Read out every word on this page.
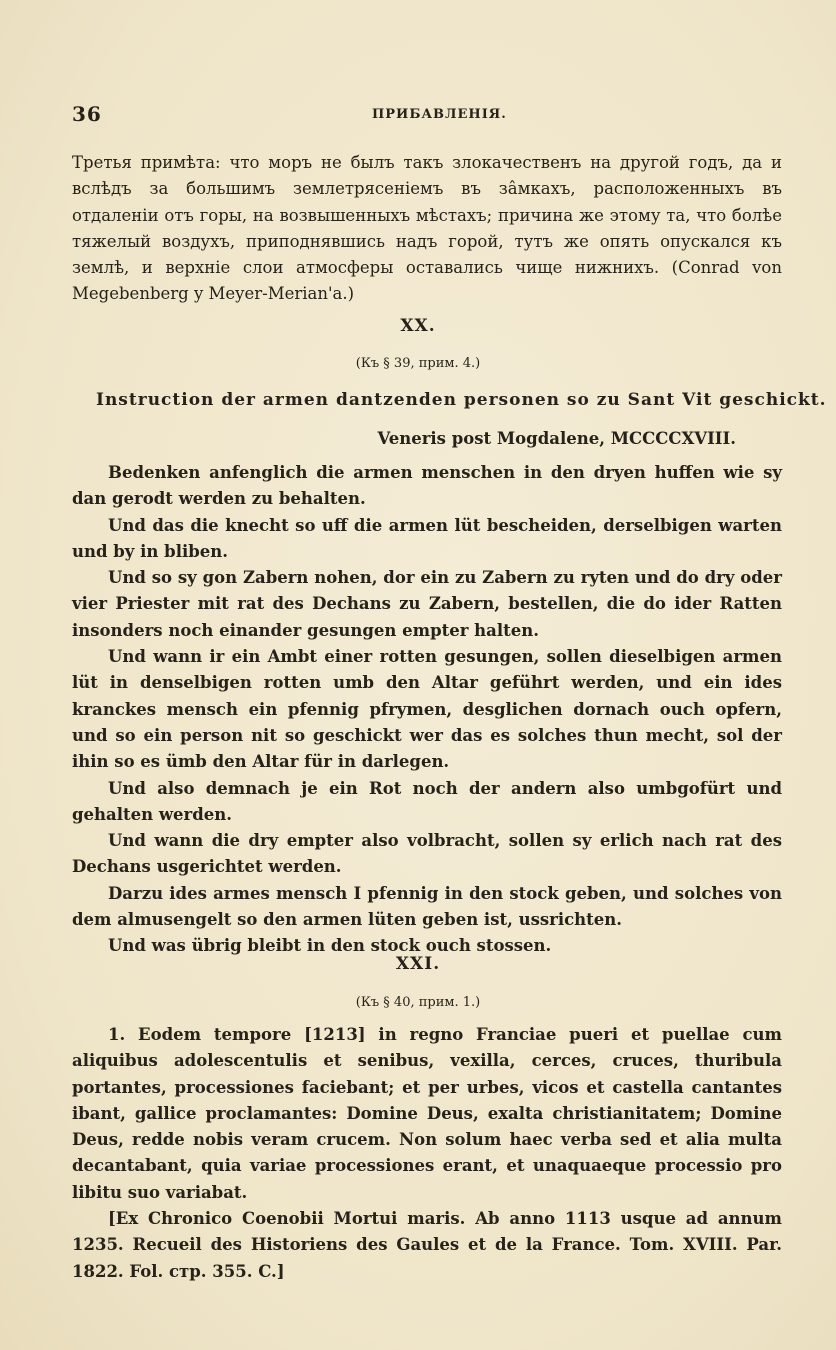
36	ПРИБАВЛЕНIЯ.

Третья примѣта: что моръ не былъ такъ злокачественъ на другой годъ, да и вслѣдъ за большимъ землетрясеніемъ въ зâмкахъ, расположенныхъ въ отдаленіи отъ горы, на возвышенныхъ мѣстахъ; причина же этому та, что болѣе тяжелый воздухъ, приподнявшись надъ горой, тутъ же опять опускался къ землѣ, и верхніе слои атмосферы оставались чище нижнихъ. (Conrad von Megebenberg y Meyer-Merian'a.)

XX.
(Къ § 39, прим. 4.)
Instruction der armen dantzenden personen so zu Sant Vit geschickt.
Veneris post Mogdalene, MCCCCXVIII.

Bedenken anfenglich die armen menschen in den dryen huffen wie sy dan gerodt werden zu behalten.

Und das die knecht so uff die armen lüt bescheiden, derselbigen warten und by in bliben.

Und so sy gon Zabern nohen, dor ein zu Zabern zu ryten und do dry oder vier Priester mit rat des Dechans zu Zabern, bestellen, die do ider Ratten insonders noch einander gesungen empter halten.

Und wann ir ein Ambt einer rotten gesungen, sollen dieselbigen armen lüt in denselbigen rotten umb den Altar geführt werden, und ein ides kranckes mensch ein pfennig pfrymen, desglichen dornach ouch opfern, und so ein person nit so geschickt wer das es solches thun mecht, sol der ihin so es ümb den Altar für in darlegen.

Und also demnach je ein Rot noch der andern also umbgofürt und gehalten werden.

Und wann die dry empter also volbracht, sollen sy erlich nach rat des Dechans usgerichtet werden.

Darzu ides armes mensch I pfennig in den stock geben, und solches von dem almusengelt so den armen lüten geben ist, ussrichten.

Und was übrig bleibt in den stock ouch stossen.

XXI.
(Къ § 40, прим. 1.)

1. Eodem tempore [1213] in regno Franciae pueri et puellae cum aliquibus adolescentulis et senibus, vexilla, cerces, cruces, thuribula portantes, processiones faciebant; et per urbes, vicos et castella cantantes ibant, gallice proclamantes: Domine Deus, exalta christianitatem; Domine Deus, redde nobis veram crucem. Non solum haec verba sed et alia multa decantabant, quia variae processiones erant, et unaquaeque processio pro libitu suo variabat.

[Ex Chronico Coenobii Mortui maris. Ab anno 1113 usque ad annum 1235. Recueil des Historiens des Gaules et de la France. Tom. XVIII. Par. 1822. Fol. стр. 355. C.]
